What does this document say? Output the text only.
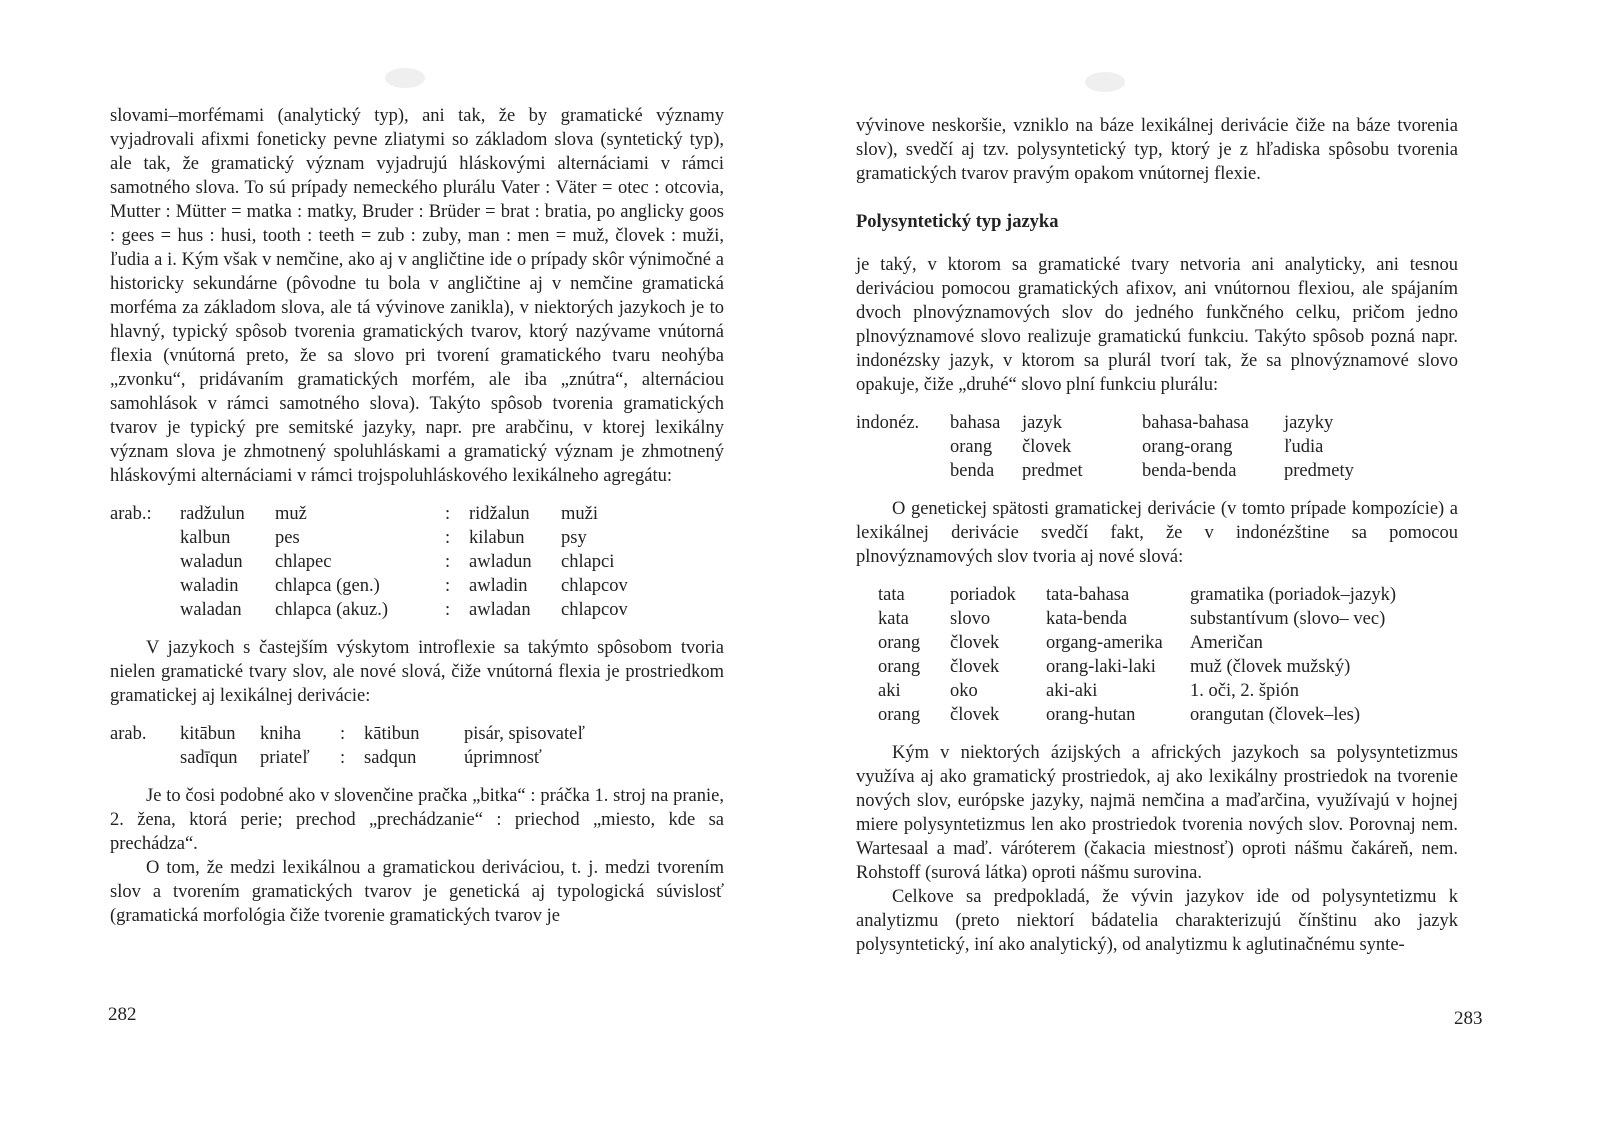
slovami–morfémami (analytický typ), ani tak, že by gramatické významy vyjadrovali afixmi foneticky pevne zliatymi so základom slova (syntetický typ), ale tak, že gramatický význam vyjadrujú hláskovými alternáciami v rámci samotného slova. To sú prípady nemeckého plurálu Vater : Väter = otec : otcovia, Mutter : Mütter = matka : matky, Bruder : Brüder = brat : bratia, po anglicky goos : gees = hus : husi, tooth : teeth = zub : zuby, man : men = muž, človek : muži, ľudia a i. Kým však v nemčine, ako aj v angličtine ide o prípady skôr výnimočné a historicky sekundárne (pôvodne tu bola v angličtine aj v nemčine gramatická morféma za základom slova, ale tá vývinove zanikla), v niektorých jazykoch je to hlavný, typický spôsob tvorenia gramatických tvarov, ktorý nazývame vnútorná flexia (vnútorná preto, že sa slovo pri tvorení gramatického tvaru neohýba „zvonku“, pridávaním gramatických morfém, ale iba „znútra“, alternáciou samohlások v rámci samotného slova). Takýto spôsob tvorenia gramatických tvarov je typický pre semitské jazyky, napr. pre arabčinu, v ktorej lexikálny význam slova je zhmotnený spoluhláskami a gramatický význam je zhmotnený hláskovými alternáciami v rámci trojspoluhláskového lexikálneho agregátu:

arab.:	radžulun	muž	:	ridžalun	muži
	kalbun	pes	:	kilabun	psy
	waladun	chlapec	:	awladun	chlapci
	waladin	chlapca (gen.)	:	awladin	chlapcov
	waladan	chlapca (akuz.)	:	awladan	chlapcov

V jazykoch s častejším výskytom introflexie sa takýmto spôsobom tvoria nielen gramatické tvary slov, ale nové slová, čiže vnútorná flexia je prostriedkom gramatickej aj lexikálnej derivácie:

arab.	kitābun	kniha	:	kātibun	pisár, spisovateľ
	sadīqun	priateľ	:	sadqun	úprimnosť

Je to čosi podobné ako v slovenčine pračka „bitka“ : práčka 1. stroj na pranie, 2. žena, ktorá perie; prechod „prechádzanie“ : priechod „miesto, kde sa prechádza“.

O tom, že medzi lexikálnou a gramatickou deriváciou, t. j. medzi tvorením slov a tvorením gramatických tvarov je genetická aj typologická súvislosť (gramatická morfológia čiže tvorenie gramatických tvarov je

282

vývinove neskoršie, vzniklo na báze lexikálnej derivácie čiže na báze tvorenia slov), svedčí aj tzv. polysyntetický typ, ktorý je z hľadiska spôsobu tvorenia gramatických tvarov pravým opakom vnútornej flexie.

Polysyntetický typ jazyka

je taký, v ktorom sa gramatické tvary netvoria ani analyticky, ani tesnou deriváciou pomocou gramatických afixov, ani vnútornou flexiou, ale spájaním dvoch plnovýznamových slov do jedného funkčného celku, pričom jedno plnovýznamové slovo realizuje gramatickú funkciu. Takýto spôsob pozná napr. indonézsky jazyk, v ktorom sa plurál tvorí tak, že sa plnovýznamové slovo opakuje, čiže „druhé“ slovo plní funkciu plurálu:

indonéz.	bahasa	jazyk	bahasa-bahasa	jazyky
	orang	človek	orang-orang	ľudia
	benda	predmet	benda-benda	predmety

O genetickej spätosti gramatickej derivácie (v tomto prípade kompozície) a lexikálnej derivácie svedčí fakt, že v indonézštine sa pomocou plnovýznamových slov tvoria aj nové slová:

tata	poriadok	tata-bahasa	gramatika (poriadok–jazyk)
kata	slovo	kata-benda	substantívum (slovo– vec)
orang	človek	organg-amerika	Američan
orang	človek	orang-laki-laki	muž (človek mužský)
aki	oko	aki-aki	1. oči, 2. špión
orang	človek	orang-hutan	orangutan (človek–les)

Kým v niektorých ázijských a afrických jazykoch sa polysyntetizmus využíva aj ako gramatický prostriedok, aj ako lexikálny prostriedok na tvorenie nových slov, európske jazyky, najmä nemčina a maďarčina, využívajú v hojnej miere polysyntetizmus len ako prostriedok tvorenia nových slov. Porovnaj nem. Wartesaal a maď. váróterem (čakacia miestnosť) oproti nášmu čakáreň, nem. Rohstoff (surová látka) oproti nášmu surovina.

Celkove sa predpokladá, že vývin jazykov ide od polysyntetizmu k analytizmu (preto niektorí bádatelia charakterizujú čínštinu ako jazyk polysyntetický, iní ako analytický), od analytizmu k aglutinačnému synte-

283
